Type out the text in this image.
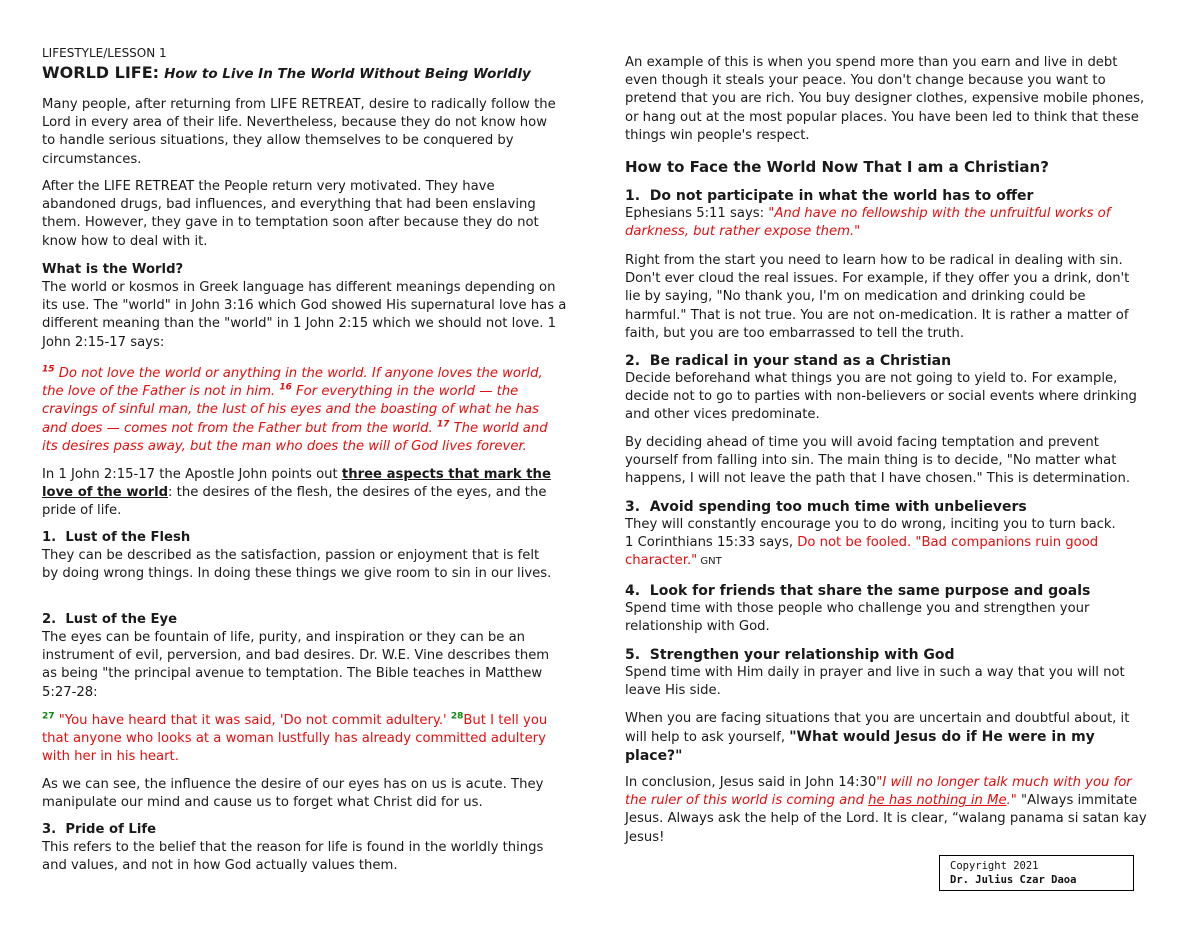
LIFESTYLE/LESSON 1

WORLD LIFE: How to Live In The World Without Being Worldly

Many people, after returning from LIFE RETREAT, desire to radically follow the Lord in every area of their life. Nevertheless, because they do not know how to handle serious situations, they allow themselves to be conquered by circumstances.

After the LIFE RETREAT the People return very motivated. They have abandoned drugs, bad influences, and everything that had been enslaving them. However, they gave in to temptation soon after because they do not know how to deal with it.

What is the World?

The world or kosmos in Greek language has different meanings depending on its use. The "world" in John 3:16 which God showed His supernatural love has a different meaning than the "world" in 1 John 2:15 which we should not love. 1 John 2:15-17 says:

$^{15}$ Do not love the world or anything in the world. If anyone loves the world, the love of the Father is not in him. $^{16}$ For everything in the world — the cravings of sinful man, the lust of his eyes and the boasting of what he has and does — comes not from the Father but from the world. $^{17}$ The world and its desires pass away, but the man who does the will of God lives forever.

In 1 John 2:15-17 the Apostle John points out three aspects that mark the love of the world: the desires of the flesh, the desires of the eyes, and the pride of life.

1.  Lust of the Flesh

They can be described as the satisfaction, passion or enjoyment that is felt by doing wrong things. In doing these things we give room to sin in our lives.

2.  Lust of the Eye

The eyes can be fountain of life, purity, and inspiration or they can be an instrument of evil, perversion, and bad desires. Dr. W.E. Vine describes them as being "the principal avenue to temptation. The Bible teaches in Matthew 5:27-28:

$^{27}$ "You have heard that it was said, 'Do not commit adultery.' $^{28}$But I tell you that anyone who looks at a woman lustfully has already committed adultery with her in his heart.

As we can see, the influence the desire of our eyes has on us is acute. They manipulate our mind and cause us to forget what Christ did for us.

3.  Pride of Life

This refers to the belief that the reason for life is found in the worldly things and values, and not in how God actually values them.

An example of this is when you spend more than you earn and live in debt even though it steals your peace. You don't change because you want to pretend that you are rich. You buy designer clothes, expensive mobile phones, or hang out at the most popular places. You have been led to think that these things win people's respect.

How to Face the World Now That I am a Christian?

1.  Do not participate in what the world has to offer

Ephesians 5:11 says: "And have no fellowship with the unfruitful works of darkness, but rather expose them."

Right from the start you need to learn how to be radical in dealing with sin. Don't ever cloud the real issues. For example, if they offer you a drink, don't lie by saying, "No thank you, I'm on medication and drinking could be harmful." That is not true. You are not on-medication. It is rather a matter of faith, but you are too embarrassed to tell the truth.

2.  Be radical in your stand as a Christian

Decide beforehand what things you are not going to yield to. For example, decide not to go to parties with non-believers or social events where drinking and other vices predominate.

By deciding ahead of time you will avoid facing temptation and prevent yourself from falling into sin. The main thing is to decide, "No matter what happens, I will not leave the path that I have chosen." This is determination.

3.  Avoid spending too much time with unbelievers

They will constantly encourage you to do wrong, inciting you to turn back.

1 Corinthians 15:33 says, Do not be fooled. "Bad companions ruin good character." GNT

4.  Look for friends that share the same purpose and goals

Spend time with those people who challenge you and strengthen your relationship with God.

5.  Strengthen your relationship with God

Spend time with Him daily in prayer and live in such a way that you will not leave His side.

When you are facing situations that you are uncertain and doubtful about, it will help to ask yourself, "What would Jesus do if He were in my place?"

In conclusion, Jesus said in John 14:30"I will no longer talk much with you for the ruler of this world is coming and he has nothing in Me." "Always immitate Jesus. Always ask the help of the Lord. It is clear, “walang panama si satan kay Jesus!

Copyright 2021
Dr. Julius Czar Daoa
